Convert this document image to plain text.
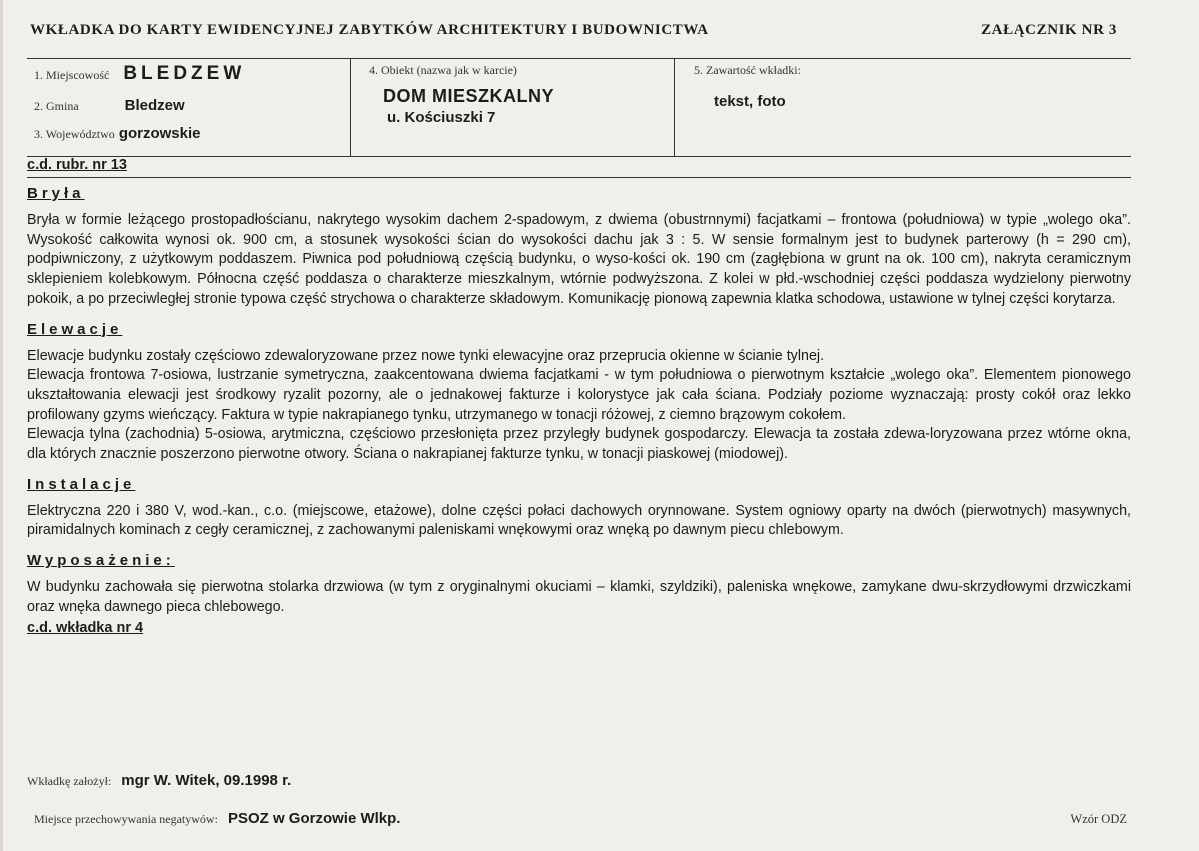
WKŁADKA DO KARTY EWIDENCYJNEJ ZABYTKÓW ARCHITEKTURY I BUDOWNICTWA	ZAŁĄCZNIK NR 3
1. Miejscowość BLEDZEW
2. Gmina	Bledzew
3. Województwo gorzowskie
4. Obiekt (nazwa jak w karcie)
DOM MIESZKALNY
u. Kościuszki 7
5. Zawartość wkładki:
tekst, foto
c.d. rubr. nr 13
Bryła

Bryła w formie leżącego prostopadłościanu, nakrytego wysokim dachem 2-spadowym, z dwiema (obustrnnymi) facjatkami – frontowa (południowa) w typie „wolego oka”. Wysokość całkowita wynosi ok. 900 cm, a stosunek wysokości ścian do wysokości dachu jak 3 : 5. W sensie formalnym jest to budynek parterowy (h = 290 cm), podpiwniczony, z użytkowym poddaszem. Piwnica pod południową częścią budynku, o wyso-kości ok. 190 cm (zagłębiona w grunt na ok. 100 cm), nakryta ceramicznym sklepieniem kolebkowym. Północna część poddasza o charakterze mieszkalnym, wtórnie podwyższona. Z kolei w płd.-wschodniej części poddasza wydzielony pierwotny pokoik, a po przeciwległej stronie typowa część strychowa o charakterze składowym. Komunikację pionową zapewnia klatka schodowa, ustawione w tylnej części korytarza.

Elewacje

Elewacje budynku zostały częściowo zdewaloryzowane przez nowe tynki elewacyjne oraz przeprucia okienne w ścianie tylnej.

Elewacja frontowa 7-osiowa, lustrzanie symetryczna, zaakcentowana dwiema facjatkami - w tym południowa o pierwotnym kształcie „wolego oka”. Elementem pionowego ukształtowania elewacji jest środkowy ryzalit pozorny, ale o jednakowej fakturze i kolorystyce jak cała ściana. Podziały poziome wyznaczają: prosty cokół oraz lekko profilowany gzyms wieńczący. Faktura w typie nakrapianego tynku, utrzymanego w tonacji różowej, z ciemno brązowym cokołem.

Elewacja tylna (zachodnia) 5-osiowa, arytmiczna, częściowo przesłonięta przez przyległy budynek gospodarczy. Elewacja ta została zdewa-loryzowana przez wtórne okna, dla których znacznie poszerzono pierwotne otwory. Ściana o nakrapianej fakturze tynku, w tonacji piaskowej (miodowej).

Instalacje

Elektryczna 220 i 380 V, wod.-kan., c.o. (miejscowe, etażowe), dolne części połaci dachowych orynnowane. System ogniowy oparty na dwóch (pierwotnych) masywnych, piramidalnych kominach z cegły ceramicznej, z zachowanymi paleniskami wnękowymi oraz wnęką po dawnym piecu chlebowym.

Wyposażenie:

W budynku zachowała się pierwotna stolarka drzwiowa (w tym z oryginalnymi okuciami – klamki, szyldziki), paleniska wnękowe, zamykane dwu-skrzydłowymi drzwiczkami oraz wnęka dawnego pieca chlebowego.

c.d. wkładka nr 4
Wkładkę założył: mgr W. Witek, 09.1998 r.
Miejsce przechowywania negatywów: PSOZ w Gorzowie Wlkp.	Wzór ODZ
